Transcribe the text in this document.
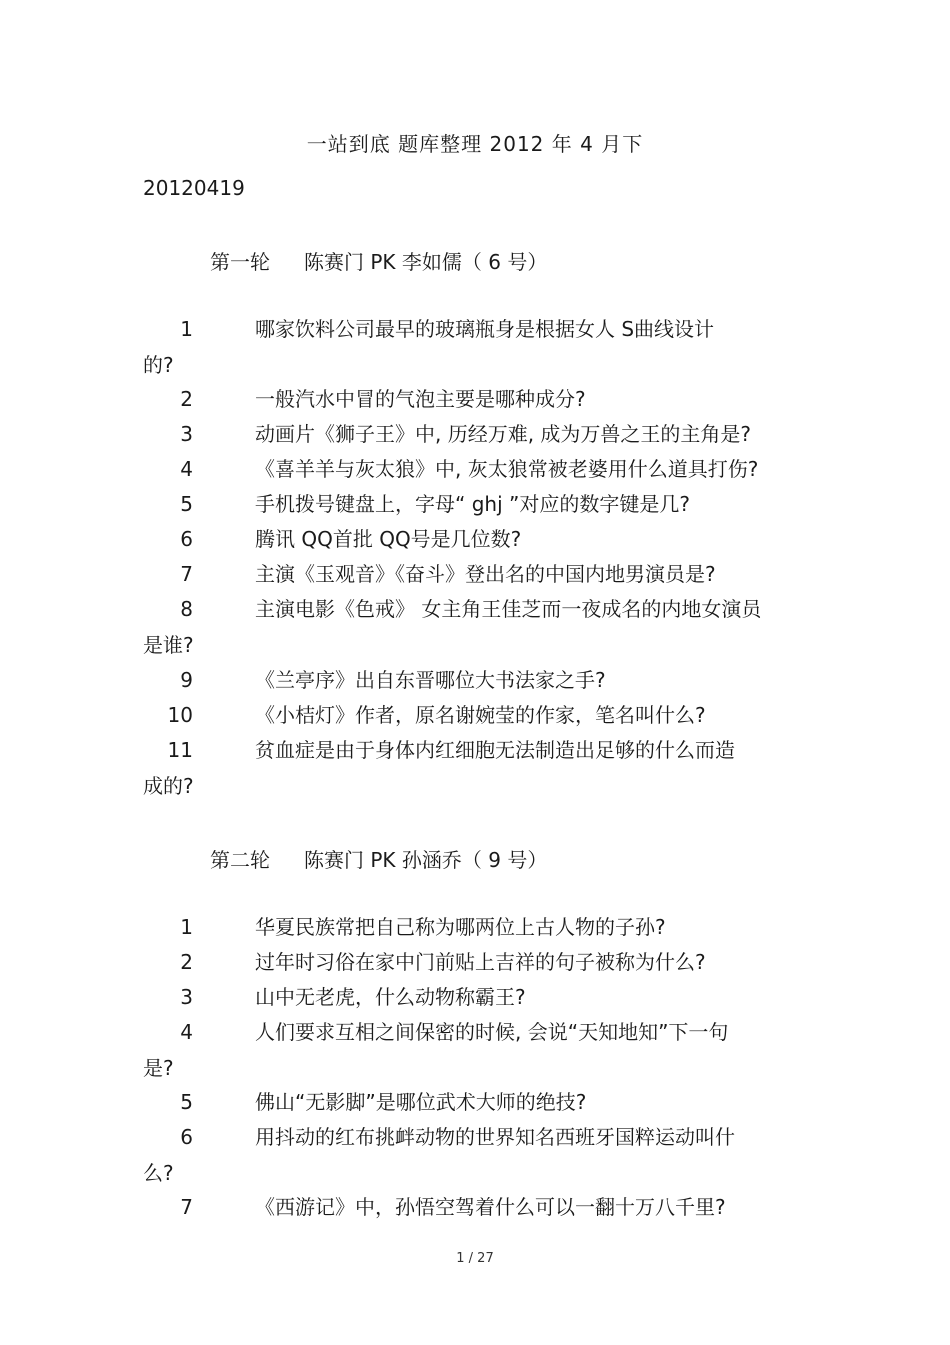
一站到底 题库整理 2012 年 4 月下
20120419
第一轮 陈赛门 PK 李如儒（ 6 号）
1	哪家饮料公司最早的玻璃瓶身是根据女人 S曲线设计
的?
2	一般汽水中冒的气泡主要是哪种成分?
3	动画片《狮子王》中, 历经万难, 成为万兽之王的主角是?
4	《喜羊羊与灰太狼》中, 灰太狼常被老婆用什么道具打伤?
5	手机拨号键盘上，字母“ ghj ”对应的数字键是几?
6	腾讯 QQ首批 QQ号是几位数?
7	主演《玉观音》《奋斗》登出名的中国内地男演员是?
8	主演电影《色戒》 女主角王佳芝而一夜成名的内地女演员
是谁?
9	《兰亭序》出自东晋哪位大书法家之手?
10	《小桔灯》作者，原名谢婉莹的作家，笔名叫什么?
11	贫血症是由于身体内红细胞无法制造出足够的什么而造
成的?
第二轮 陈赛门 PK 孙涵乔（ 9 号）
1	华夏民族常把自己称为哪两位上古人物的子孙?
2	过年时习俗在家中门前贴上吉祥的句子被称为什么?
3	山中无老虎，什么动物称霸王?
4	人们要求互相之间保密的时候, 会说“天知地知”下一句
是?
5	佛山“无影脚”是哪位武术大师的绝技?
6	用抖动的红布挑衅动物的世界知名西班牙国粹运动叫什
么?
7	《西游记》中，孙悟空驾着什么可以一翻十万八千里?
1 / 27
